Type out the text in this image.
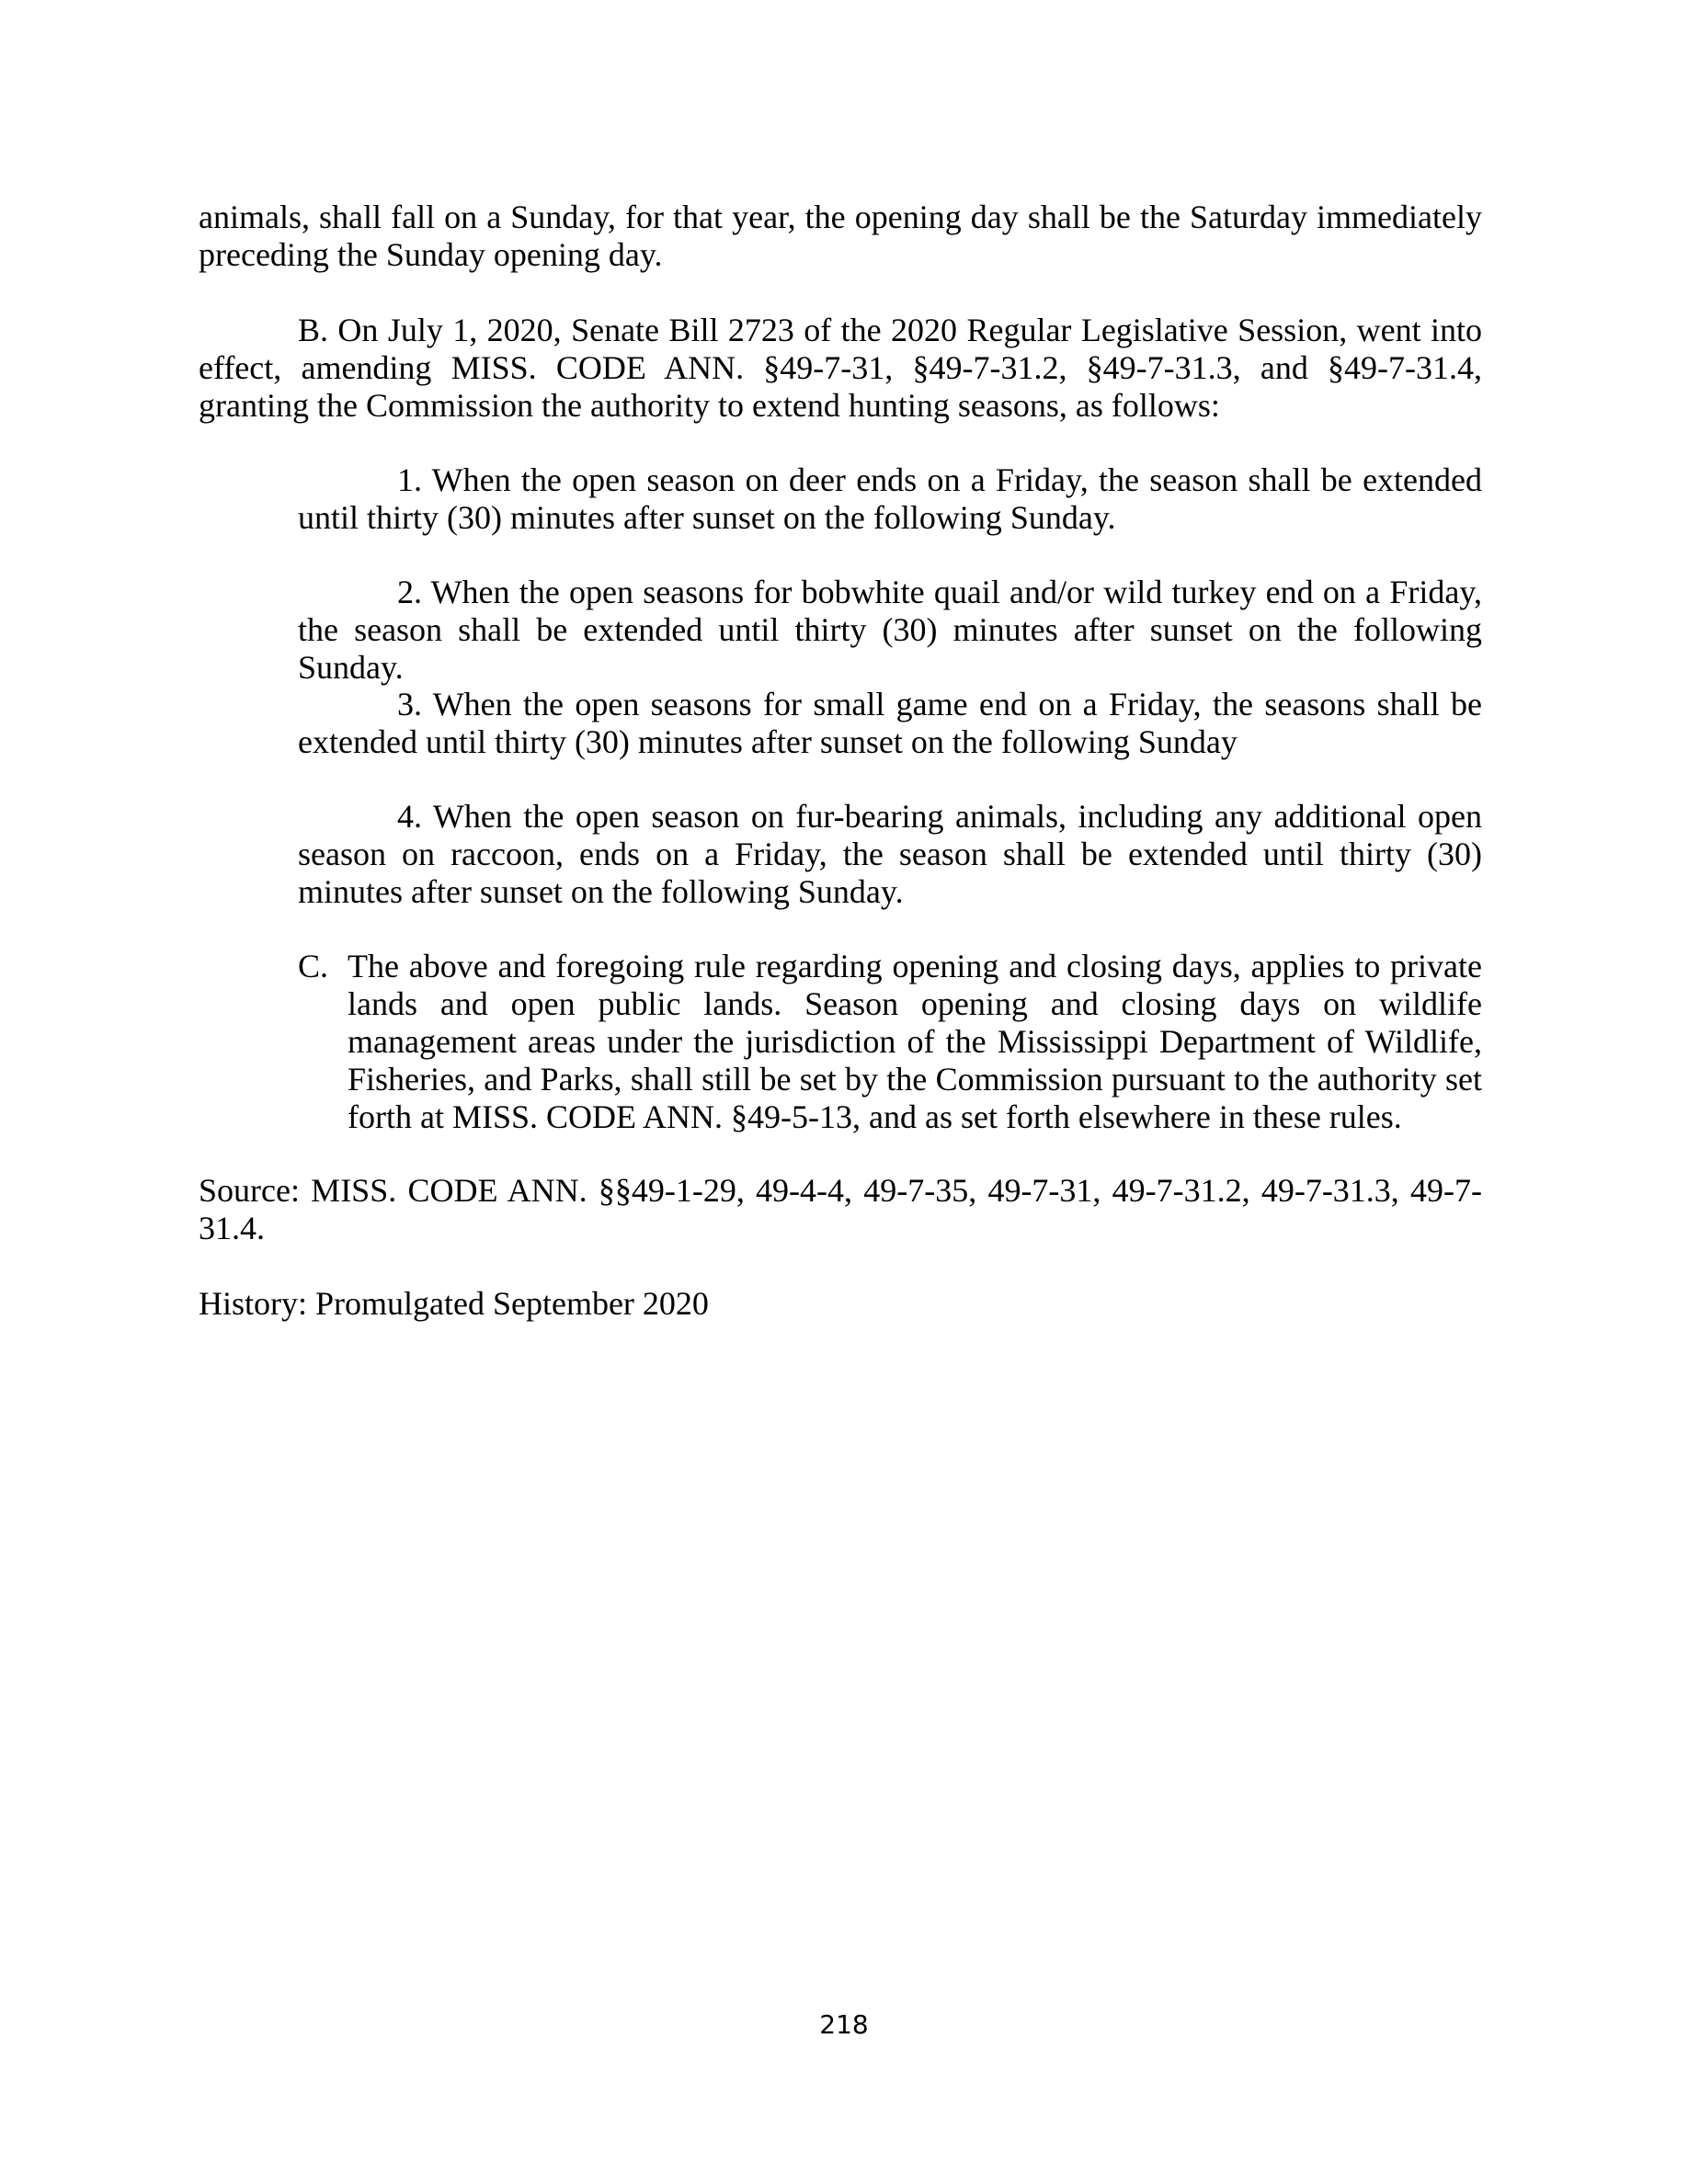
animals, shall fall on a Sunday, for that year, the opening day shall be the Saturday immediately preceding the Sunday opening day.

B. On July 1, 2020, Senate Bill 2723 of the 2020 Regular Legislative Session, went into effect, amending MISS. CODE ANN. §49-7-31, §49-7-31.2, §49-7-31.3, and §49-7-31.4, granting the Commission the authority to extend hunting seasons, as follows:

1. When the open season on deer ends on a Friday, the season shall be extended until thirty (30) minutes after sunset on the following Sunday.

2. When the open seasons for bobwhite quail and/or wild turkey end on a Friday, the season shall be extended until thirty (30) minutes after sunset on the following Sunday.

3. When the open seasons for small game end on a Friday, the seasons shall be extended until thirty (30) minutes after sunset on the following Sunday

4. When the open season on fur-bearing animals, including any additional open season on raccoon, ends on a Friday, the season shall be extended until thirty (30) minutes after sunset on the following Sunday.

C. The above and foregoing rule regarding opening and closing days, applies to private lands and open public lands. Season opening and closing days on wildlife management areas under the jurisdiction of the Mississippi Department of Wildlife, Fisheries, and Parks, shall still be set by the Commission pursuant to the authority set forth at MISS. CODE ANN. §49-5-13, and as set forth elsewhere in these rules.

Source: MISS. CODE ANN. §§49-1-29, 49-4-4, 49-7-35, 49-7-31, 49-7-31.2, 49-7-31.3, 49-7-31.4.

History: Promulgated September 2020

218
